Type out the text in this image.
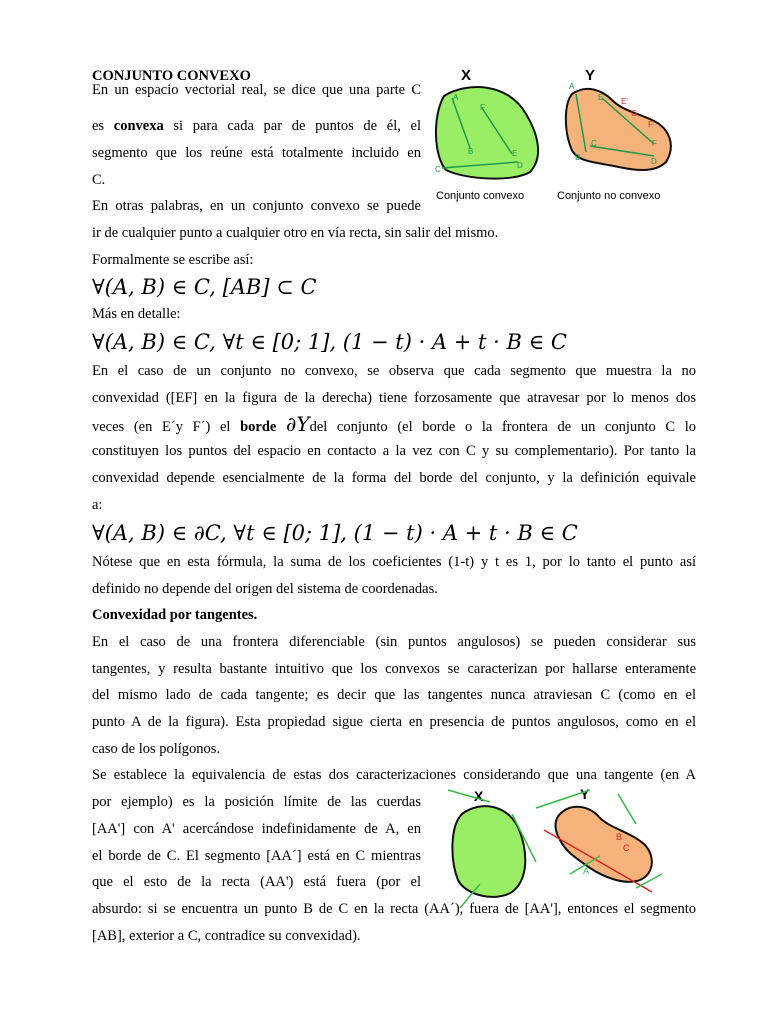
CONJUNTO CONVEXO
En un espacio vectorial real, se dice que una parte C
es convexa si para cada par de puntos de él, el
segmento que los reúne está totalmente incluido en
C.
En otras palabras, en un conjunto convexo se puede
ir de cualquier punto a cualquier otro en vía recta, sin salir del mismo.
Formalmente se escribe así:
∀(A, B) ∈ C, [AB] ⊂ C
Más en detalle:
∀(A, B) ∈ C, ∀t ∈ [0; 1], (1 − t) · A + t · B ∈ C
En el caso de un conjunto no convexo, se observa que cada segmento que muestra la no
convexidad ([EF] en la figura de la derecha) tiene forzosamente que atravesar por lo menos dos
veces (en E´y F´) el borde ∂Ydel conjunto (el borde o la frontera de un conjunto C lo
constituyen los puntos del espacio en contacto a la vez con C y su complementario). Por tanto la
convexidad depende esencialmente de la forma del borde del conjunto, y la definición equivale
a:
∀(A, B) ∈ ∂C, ∀t ∈ [0; 1], (1 − t) · A + t · B ∈ C
Nótese que en esta fórmula, la suma de los coeficientes (1-t) y t es 1, por lo tanto el punto así
definido no depende del origen del sistema de coordenadas.
Convexidad por tangentes.
En el caso de una frontera diferenciable (sin puntos angulosos) se pueden considerar sus
tangentes, y resulta bastante intuitivo que los convexos se caracterizan por hallarse enteramente
del mismo lado de cada tangente; es decir que las tangentes nunca atraviesan C (como en el
punto A de la figura). Esta propiedad sigue cierta en presencia de puntos angulosos, como en el
caso de los polígonos.
Se establece la equivalencia de estas dos caracterizaciones considerando que una tangente (en A
por ejemplo) es la posición límite de las cuerdas
[AA'] con A' acercándose indefinidamente de A, en
el borde de C. El segmento [AA´] está en C mientras
que el esto de la recta (AA') está fuera (por el
absurdo: si se encuentra un punto B de C en la recta (AA´), fuera de [AA'], entonces el segmento
[AB], exterior a C, contradice su convexidad).
X	Y
A
B
C	D
E
F
A
B
C
D
E E'
G
F'
F
Conjunto convexo	Conjunto no convexo
X	Y
B
C
A
